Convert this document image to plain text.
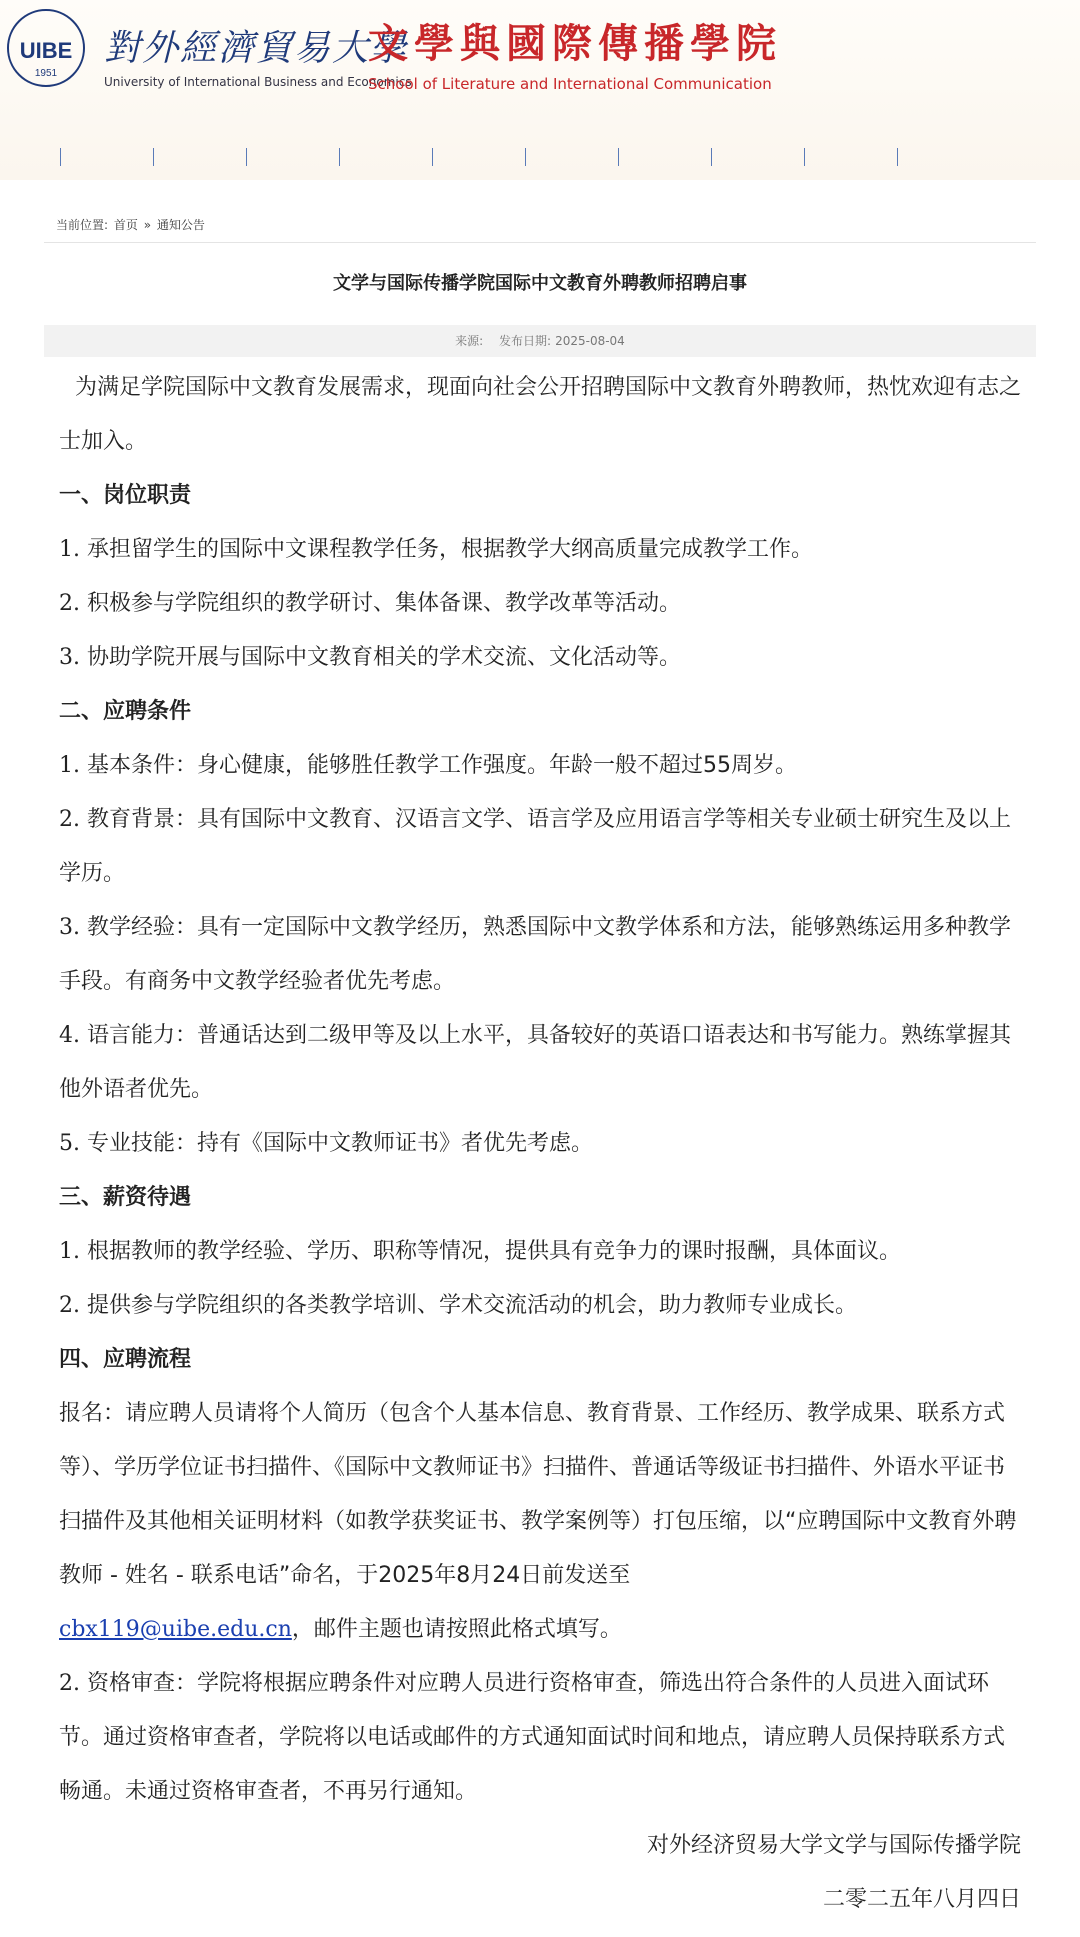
UIBE
1951
對外經濟貿易大學
University of International Business and Economics
文學與國際傳播學院
School of Literature and International Communication
当前位置: 首页 » 通知公告
文学与国际传播学院国际中文教育外聘教师招聘启事
来源: 发布日期: 2025-08-04

为满足学院国际中文教育发展需求，现面向社会公开招聘国际中文教育外聘教师，热忱欢迎有志之士加入。

一、岗位职责

1. 承担留学生的国际中文课程教学任务，根据教学大纲高质量完成教学工作。

2. 积极参与学院组织的教学研讨、集体备课、教学改革等活动。

3. 协助学院开展与国际中文教育相关的学术交流、文化活动等。

二、应聘条件

1. 基本条件：身心健康，能够胜任教学工作强度。年龄一般不超过55周岁。

2. 教育背景：具有国际中文教育、汉语言文学、语言学及应用语言学等相关专业硕士研究生及以上学历。

3. 教学经验：具有一定国际中文教学经历，熟悉国际中文教学体系和方法，能够熟练运用多种教学手段。有商务中文教学经验者优先考虑。

4. 语言能力：普通话达到二级甲等及以上水平，具备较好的英语口语表达和书写能力。熟练掌握其他外语者优先。

5. 专业技能：持有《国际中文教师证书》者优先考虑。

三、薪资待遇

1. 根据教师的教学经验、学历、职称等情况，提供具有竞争力的课时报酬，具体面议。

2. 提供参与学院组织的各类教学培训、学术交流活动的机会，助力教师专业成长。

四、应聘流程

报名：请应聘人员请将个人简历（包含个人基本信息、教育背景、工作经历、教学成果、联系方式等）、学历学位证书扫描件、《国际中文教师证书》扫描件、普通话等级证书扫描件、外语水平证书扫描件及其他相关证明材料（如教学获奖证书、教学案例等）打包压缩，以“应聘国际中文教育外聘教师 - 姓名 - 联系电话”命名，于2025年8月24日前发送至
cbx119@uibe.edu.cn，邮件主题也请按照此格式填写。

2. 资格审查：学院将根据应聘条件对应聘人员进行资格审查，筛选出符合条件的人员进入面试环节。通过资格审查者，学院将以电话或邮件的方式通知面试时间和地点，请应聘人员保持联系方式畅通。未通过资格审查者，不再另行通知。

对外经济贸易大学文学与国际传播学院

二零二五年八月四日
